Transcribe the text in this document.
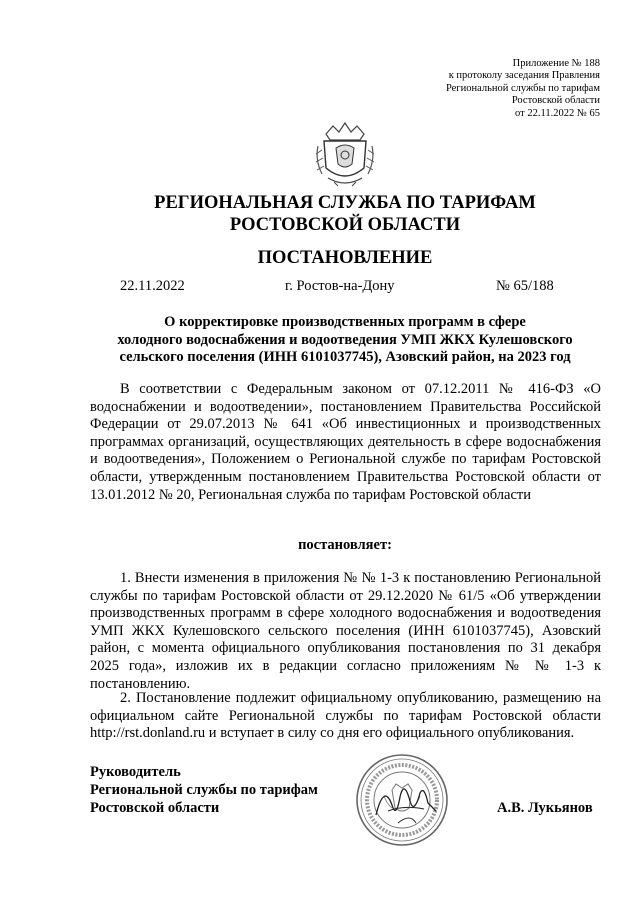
Приложение № 188
к протоколу заседания Правления
Региональной службы по тарифам
Ростовской области
от 22.11.2022 № 65
РЕГИОНАЛЬНАЯ СЛУЖБА ПО ТАРИФАМ
РОСТОВСКОЙ ОБЛАСТИ
ПОСТАНОВЛЕНИЕ
22.11.2022	г. Ростов-на-Дону	№ 65/188
О корректировке производственных программ в сфере
холодного водоснабжения и водоотведения УМП ЖКХ Кулешовского
сельского поселения (ИНН 6101037745), Азовский район, на 2023 год
В соответствии с Федеральным законом от 07.12.2011 № 416-ФЗ «О водоснабжении и водоотведении», постановлением Правительства Российской Федерации от 29.07.2013 № 641 «Об инвестиционных и производственных программах организаций, осуществляющих деятельность в сфере водоснабжения и водоотведения», Положением о Региональной службе по тарифам Ростовской области, утвержденным постановлением Правительства Ростовской области от 13.01.2012 № 20, Региональная служба по тарифам Ростовской области
постановляет:
1. Внести изменения в приложения № № 1-3 к постановлению Региональной службы по тарифам Ростовской области от 29.12.2020 № 61/5 «Об утверждении производственных программ в сфере холодного водоснабжения и водоотведения УМП ЖКХ Кулешовского сельского поселения (ИНН 6101037745), Азовский район, с момента официального опубликования постановления по 31 декабря 2025 года», изложив их в редакции согласно приложениям № № 1-3 к постановлению.
2. Постановление подлежит официальному опубликованию, размещению на официальном сайте Региональной службы по тарифам Ростовской области http://rst.donland.ru и вступает в силу со дня его официального опубликования.
Руководитель
Региональной службы по тарифам
Ростовской области	А.В. Лукьянов
